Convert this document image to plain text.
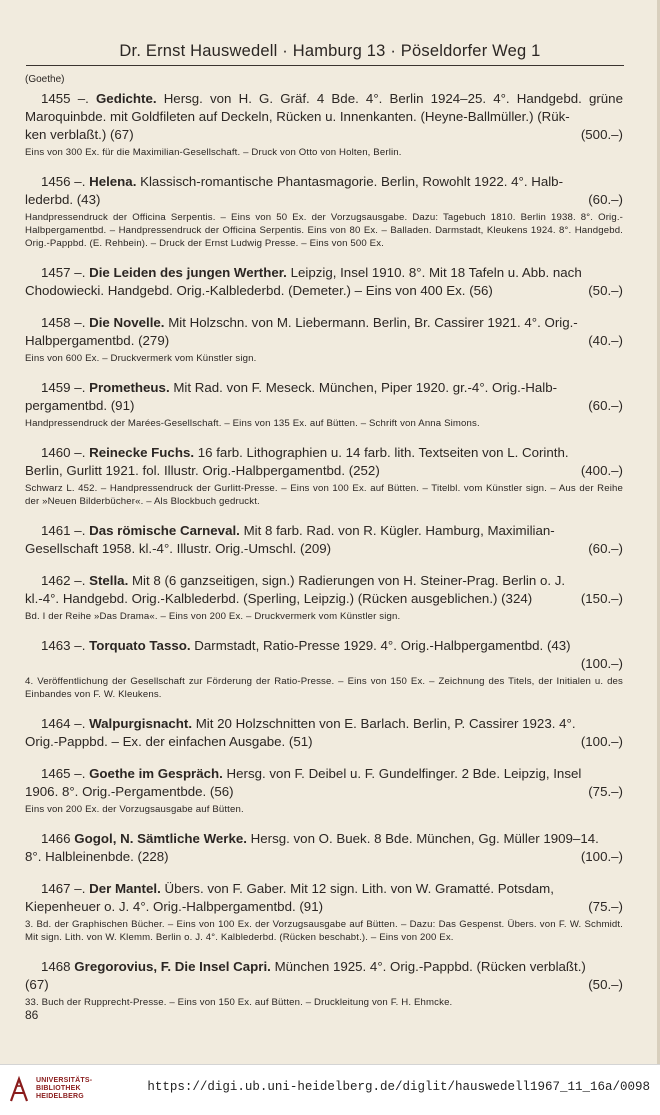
Dr. Ernst Hauswedell · Hamburg 13 · Pöseldorfer Weg 1
(Goethe)

1455 –. Gedichte. Hersg. von H. G. Gräf. 4 Bde. 4°. Berlin 1924–25. 4°. Handgebd. grüne Maroquinbde. mit Goldfileten auf Deckeln, Rücken u. Innenkanten. (Heyne-Ballmüller.) (Rük-

ken verblaßt.) (67)	(500.–)

Eins von 300 Ex. für die Maximilian-Gesellschaft. – Druck von Otto von Holten, Berlin.

1456 –. Helena. Klassisch-romantische Phantasmagorie. Berlin, Rowohlt 1922. 4°. Halb-

lederbd. (43)	(60.–)

Handpressendruck der Officina Serpentis. – Eins von 50 Ex. der Vorzugsausgabe. Dazu: Tagebuch 1810. Berlin 1938. 8°. Orig.-Halbpergamentbd. – Handpressendruck der Officina Serpentis. Eins von 80 Ex. – Balladen. Darmstadt, Kleukens 1924. 8°. Handgebd. Orig.-Pappbd. (E. Rehbein). – Druck der Ernst Ludwig Presse. – Eins von 500 Ex.

1457 –. Die Leiden des jungen Werther. Leipzig, Insel 1910. 8°. Mit 18 Tafeln u. Abb. nach

Chodowiecki. Handgebd. Orig.-Kalblederbd. (Demeter.) – Eins von 400 Ex. (56)	(50.–)

1458 –. Die Novelle. Mit Holzschn. von M. Liebermann. Berlin, Br. Cassirer 1921. 4°. Orig.-

Halbpergamentbd. (279)	(40.–)

Eins von 600 Ex. – Druckvermerk vom Künstler sign.

1459 –. Prometheus. Mit Rad. von F. Meseck. München, Piper 1920. gr.-4°. Orig.-Halb-

pergamentbd. (91)	(60.–)

Handpressendruck der Marées-Gesellschaft. – Eins von 135 Ex. auf Bütten. – Schrift von Anna Simons.

1460 –. Reinecke Fuchs. 16 farb. Lithographien u. 14 farb. lith. Textseiten von L. Corinth.

Berlin, Gurlitt 1921. fol. Illustr. Orig.-Halbpergamentbd. (252)	(400.–)

Schwarz L. 452. – Handpressendruck der Gurlitt-Presse. – Eins von 100 Ex. auf Bütten. – Titelbl. vom Künstler sign. – Aus der Reihe der »Neuen Bilderbücher«. – Als Blockbuch gedruckt.

1461 –. Das römische Carneval. Mit 8 farb. Rad. von R. Kügler. Hamburg, Maximilian-

Gesellschaft 1958. kl.-4°. Illustr. Orig.-Umschl. (209)	(60.–)

1462 –. Stella. Mit 8 (6 ganzseitigen, sign.) Radierungen von H. Steiner-Prag. Berlin o. J.

kl.-4°. Handgebd. Orig.-Kalblederbd. (Sperling, Leipzig.) (Rücken ausgeblichen.) (324)	(150.–)

Bd. I der Reihe »Das Drama«. – Eins von 200 Ex. – Druckvermerk vom Künstler sign.

1463 –. Torquato Tasso. Darmstadt, Ratio-Presse 1929. 4°. Orig.-Halbpergamentbd. (43)

(100.–)

4. Veröffentlichung der Gesellschaft zur Förderung der Ratio-Presse. – Eins von 150 Ex. – Zeichnung des Titels, der Initialen u. des Einbandes von F. W. Kleukens.

1464 –. Walpurgisnacht. Mit 20 Holzschnitten von E. Barlach. Berlin, P. Cassirer 1923. 4°.

Orig.-Pappbd. – Ex. der einfachen Ausgabe. (51)	(100.–)

1465 –. Goethe im Gespräch. Hersg. von F. Deibel u. F. Gundelfinger. 2 Bde. Leipzig, Insel

1906. 8°. Orig.-Pergamentbde. (56)	(75.–)

Eins von 200 Ex. der Vorzugsausgabe auf Bütten.

1466 Gogol, N. Sämtliche Werke. Hersg. von O. Buek. 8 Bde. München, Gg. Müller 1909–14.

8°. Halbleinenbde. (228)	(100.–)

1467 –. Der Mantel. Übers. von F. Gaber. Mit 12 sign. Lith. von W. Gramatté. Potsdam,

Kiepenheuer o. J. 4°. Orig.-Halbpergamentbd. (91)	(75.–)

3. Bd. der Graphischen Bücher. – Eins von 100 Ex. der Vorzugsausgabe auf Bütten. – Dazu: Das Gespenst. Übers. von F. W. Schmidt. Mit sign. Lith. von W. Klemm. Berlin o. J. 4°. Kalblederbd. (Rücken beschabt.). – Eins von 200 Ex.

1468 Gregorovius, F. Die Insel Capri. München 1925. 4°. Orig.-Pappbd. (Rücken verblaßt.)

(67)	(50.–)

33. Buch der Rupprecht-Presse. – Eins von 150 Ex. auf Bütten. – Druckleitung von F. H. Ehmcke.

86
UNIVERSITÄTS-
BIBLIOTHEK
HEIDELBERG
https://digi.ub.uni-heidelberg.de/diglit/hauswedell1967_11_16a/0098
